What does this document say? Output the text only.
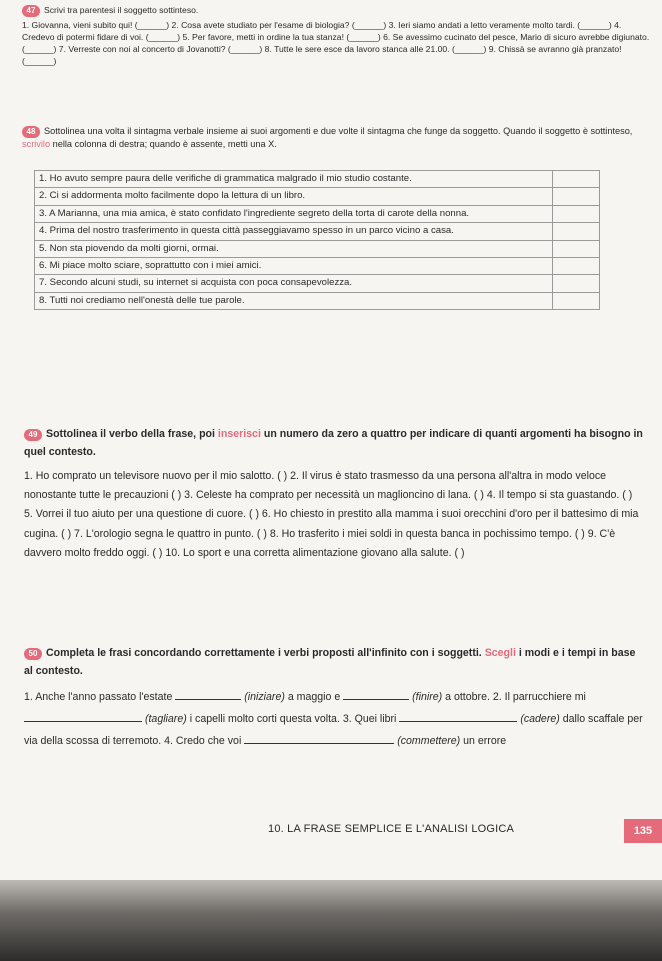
47 Scrivi tra parentesi il soggetto sottinteso.
1. Giovanna, vieni subito qui! (______) 2. Cosa avete studiato per l'esame di biologia? (______) 3. Ieri siamo andati a letto veramente molto tardi. (______) 4. Credevo di potermi fidare di voi. (______) 5. Per favore, metti in ordine la tua stanza! (______) 6. Se avessimo cucinato del pesce, Mario di sicuro avrebbe digiunato. (______) 7. Verreste con noi al concerto di Jovanotti? (______) 8. Tutte le sere esce da lavoro stanca alle 21.00. (______) 9. Chissà se avranno già pranzato! (______)
48 Sottolinea una volta il sintagma verbale insieme ai suoi argomenti e due volte il sintagma che funge da soggetto. Quando il soggetto è sottinteso, scrivilo nella colonna di destra; quando è assente, metti una X.
1. Ho avuto sempre paura delle verifiche di grammatica malgrado il mio studio costante.	
2. Ci si addormenta molto facilmente dopo la lettura di un libro.	
3. A Marianna, una mia amica, è stato confidato l'ingrediente segreto della torta di carote della nonna.	
4. Prima del nostro trasferimento in questa città passeggiavamo spesso in un parco vicino a casa.	
5. Non sta piovendo da molti giorni, ormai.	
6. Mi piace molto sciare, soprattutto con i miei amici.	
7. Secondo alcuni studi, su internet si acquista con poca consapevolezza.	
8. Tutti noi crediamo nell'onestà delle tue parole.	
49 Sottolinea il verbo della frase, poi inserisci un numero da zero a quattro per indicare di quanti argomenti ha bisogno in quel contesto.
1. Ho comprato un televisore nuovo per il mio salotto. ( ) 2. Il virus è stato trasmesso da una persona all'altra in modo veloce nonostante tutte le precauzioni ( ) 3. Celeste ha comprato per necessità un maglioncino di lana. ( ) 4. Il tempo si sta guastando. ( ) 5. Vorrei il tuo aiuto per una questione di cuore. ( ) 6. Ho chiesto in prestito alla mamma i suoi orecchini d'oro per il battesimo di mia cugina. ( ) 7. L'orologio segna le quattro in punto. ( ) 8. Ho trasferito i miei soldi in questa banca in pochissimo tempo. ( ) 9. C'è davvero molto freddo oggi. ( ) 10. Lo sport e una corretta alimentazione giovano alla salute. ( )
50 Completa le frasi concordando correttamente i verbi proposti all'infinito con i soggetti. Scegli i modi e i tempi in base al contesto.
1. Anche l'anno passato l'estate	(iniziare) a maggio e	(finire) a ottobre. 2. Il parrucchiere mi  (tagliare) i capelli molto corti questa volta. 3. Quei libri	(cadere) dallo scaffale per via della scossa di terremoto. 4. Credo che voi	(commettere) un errore
10. LA FRASE SEMPLICE E L'ANALISI LOGICA	135
